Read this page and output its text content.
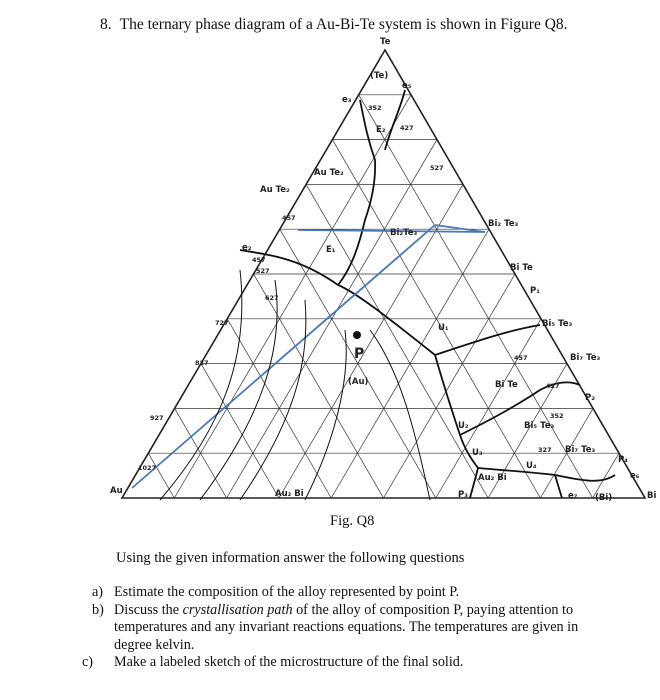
8. The ternary phase diagram of a Au-Bi-Te system is shown in Figure Q8.
Te
Au	Bi
P
(Te)
Au Te₂
Au Te₂
Bi₂Te₃
Bi₂ Te₃
Bi Te
Bi₅ Te₃
Bi₇ Te₃
Bi Te
Bi₅ Te₃
Bi₇ Te₃
(Au)
Au₂ Bi
Au₂ Bi
(Bi)
E₁
E₂
U₁
U₂
U₃
U₄
P₁
P₂
P₃
P₄
e₃
e₅
e₆
e₇
e₂
352
457
527
627
727
827
927
1027
457
427
352
327
457
527
427
Fig. Q8
Using the given information answer the following questions
a) Estimate the composition of the alloy represented by point P.
b) Discuss the crystallisation path of the alloy of composition P, paying attention to temperatures and any invariant reactions equations. The temperatures are given in degree kelvin.
c)	Make a labeled sketch of the microstructure of the final solid.
